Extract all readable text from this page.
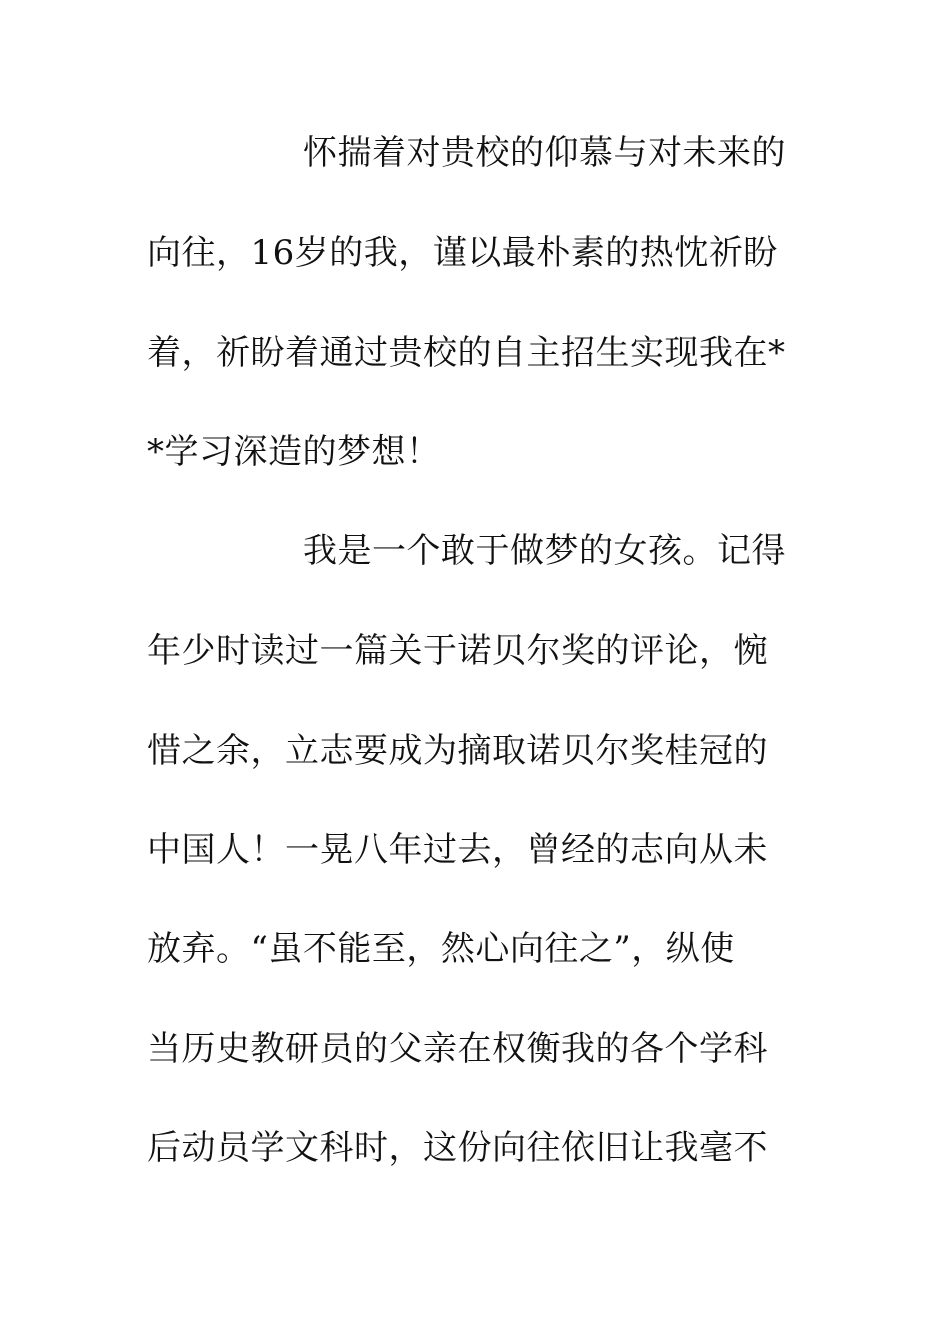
怀揣着对贵校的仰慕与对未来的
向往，16岁的我，谨以最朴素的热忱祈盼
着，祈盼着通过贵校的自主招生实现我在*
*学习深造的梦想！
我是一个敢于做梦的女孩。记得
年少时读过一篇关于诺贝尔奖的评论，惋
惜之余，立志要成为摘取诺贝尔奖桂冠的
中国人！一晃八年过去，曾经的志向从未
放弃。“虽不能至，然心向往之”，纵使
当历史教研员的父亲在权衡我的各个学科
后动员学文科时，这份向往依旧让我毫不
